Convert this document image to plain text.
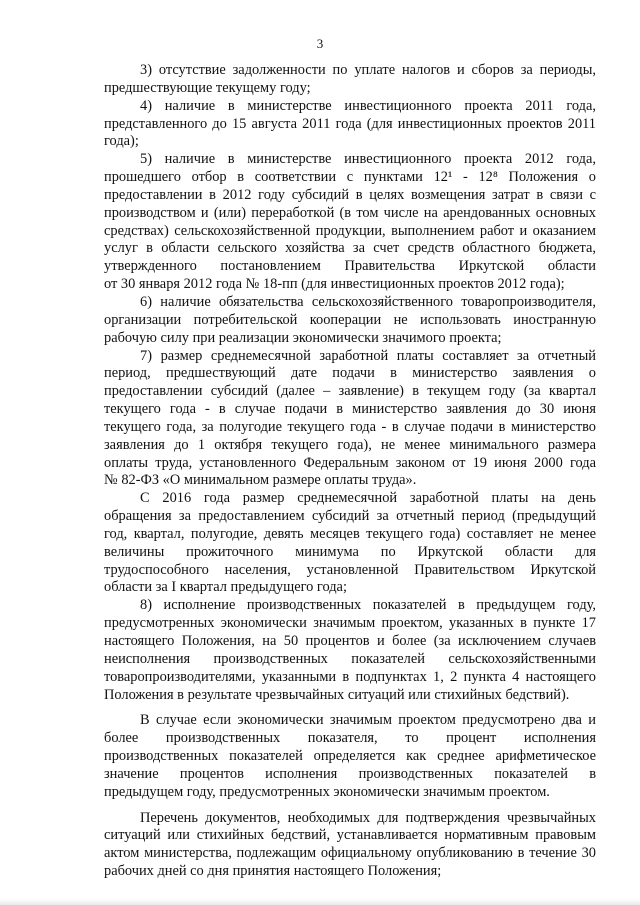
3
3) отсутствие задолженности по уплате налогов и сборов за периоды,
предшествующие текущему году;
4) наличие в министерстве инвестиционного проекта 2011 года,
представленного до 15 августа 2011 года (для инвестиционных проектов 2011
года);
5) наличие в министерстве инвестиционного проекта 2012 года,
прошедшего отбор в соответствии с пунктами 12¹ - 12⁸ Положения о
предоставлении в 2012 году субсидий в целях возмещения затрат в связи с
производством и (или) переработкой (в том числе на арендованных основных
средствах) сельскохозяйственной продукции, выполнением работ и оказанием
услуг в области сельского хозяйства за счет средств областного бюджета,
утвержденного постановлением Правительства Иркутской области
от 30 января 2012 года № 18-пп (для инвестиционных проектов 2012 года);
6) наличие обязательства сельскохозяйственного товаропроизводителя,
организации потребительской кооперации не использовать иностранную
рабочую силу при реализации экономически значимого проекта;
7) размер среднемесячной заработной платы составляет за отчетный
период, предшествующий дате подачи в министерство заявления о
предоставлении субсидий (далее – заявление) в текущем году (за квартал
текущего года - в случае подачи в министерство заявления до 30 июня
текущего года, за полугодие текущего года - в случае подачи в министерство
заявления до 1 октября текущего года), не менее минимального размера
оплаты труда, установленного Федеральным законом от 19 июня 2000 года
№ 82-ФЗ «О минимальном размере оплаты труда».
С 2016 года размер среднемесячной заработной платы на день
обращения за предоставлением субсидий за отчетный период (предыдущий
год, квартал, полугодие, девять месяцев текущего года) составляет не менее
величины прожиточного минимума по Иркутской области для
трудоспособного населения, установленной Правительством Иркутской
области за I квартал предыдущего года;
8) исполнение производственных показателей в предыдущем году,
предусмотренных экономически значимым проектом, указанных в пункте 17
настоящего Положения, на 50 процентов и более (за исключением случаев
неисполнения производственных показателей сельскохозяйственными
товаропроизводителями, указанными в подпунктах 1, 2 пункта 4 настоящего
Положения в результате чрезвычайных ситуаций или стихийных бедствий).
В случае если экономически значимым проектом предусмотрено два и
более производственных показателя, то процент исполнения
производственных показателей определяется как среднее арифметическое
значение процентов исполнения производственных показателей в
предыдущем году, предусмотренных экономически значимым проектом.
Перечень документов, необходимых для подтверждения чрезвычайных
ситуаций или стихийных бедствий, устанавливается нормативным правовым
актом министерства, подлежащим официальному опубликованию в течение 30
рабочих дней со дня принятия настоящего Положения;
